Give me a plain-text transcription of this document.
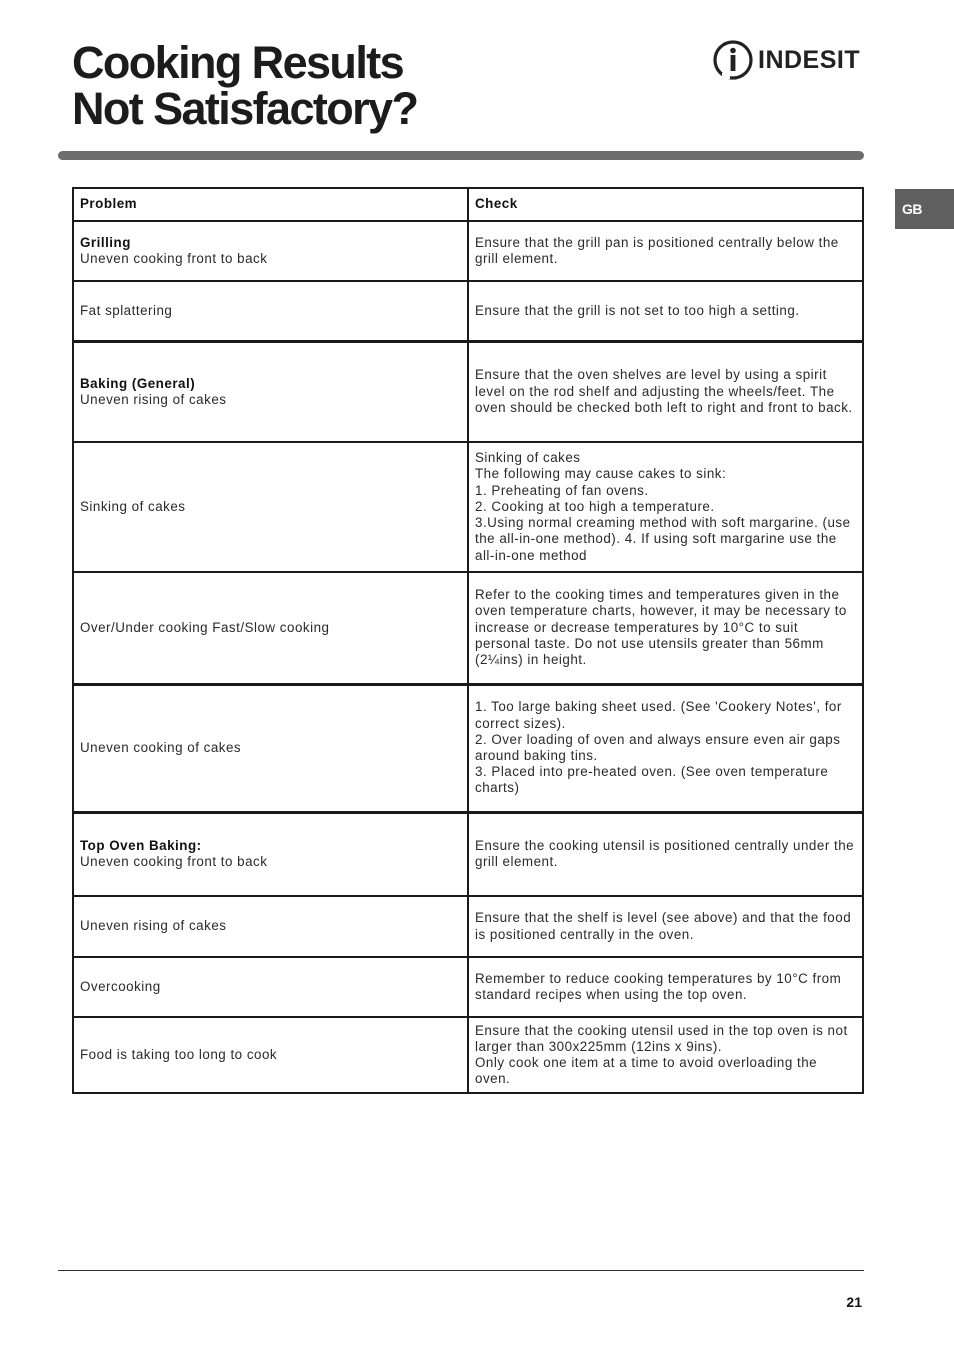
Cooking Results
Not Satisfactory?
INDESIT
GB
Problem	Check

Grilling
Uneven cooking front to back	Ensure that the grill pan is positioned centrally below the grill element.

Fat splattering	Ensure that the grill is not set to too high a setting.

Baking (General)
Uneven rising of cakes	Ensure that the oven shelves are level by using a spirit level on the rod shelf and adjusting the wheels/feet. The oven should be checked both left to right and front to back.

Sinking of cakes	Sinking of cakes
The following may cause cakes to sink:
1. Preheating of fan ovens.
2. Cooking at too high a temperature.
3.Using normal creaming method with soft margarine. (use the all-in-one method). 4. If using soft margarine use the all-in-one method

Over/Under cooking Fast/Slow cooking	Refer to the cooking times and temperatures given in the oven temperature charts, however, it may be necessary to increase or decrease temperatures by 10°C to suit personal taste. Do not use utensils greater than 56mm (2¼ins) in height.

Uneven cooking of cakes	1. Too large baking sheet used. (See 'Cookery Notes', for correct sizes).
2. Over loading of oven and always ensure even air gaps around baking tins.
3. Placed into pre-heated oven. (See oven temperature charts)

Top Oven Baking:
Uneven cooking front to back	Ensure the cooking utensil is positioned centrally under the grill element.

Uneven rising of cakes	Ensure that the shelf is level (see above) and that the food is positioned centrally in the oven.

Overcooking	Remember to reduce cooking temperatures by 10°C from standard recipes when using the top oven.

Food is taking too long to cook	Ensure that the cooking utensil used in the top oven is not larger than 300x225mm (12ins x 9ins).
Only cook one item at a time to avoid overloading the oven.
21
